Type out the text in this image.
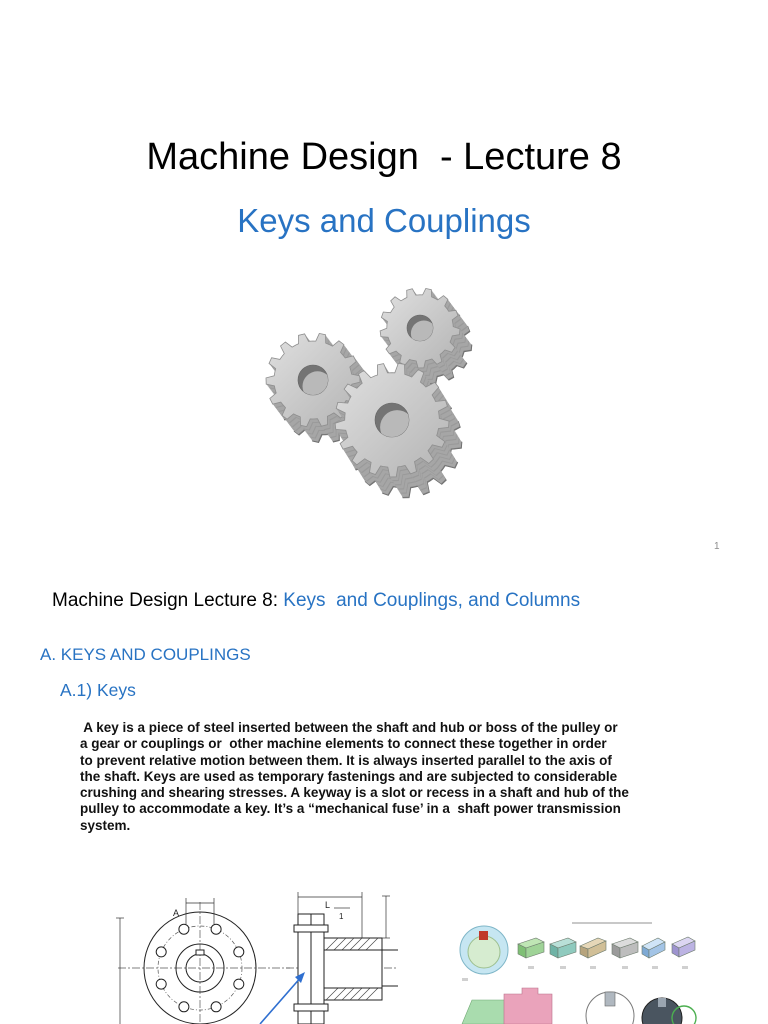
Machine Design  - Lecture 8
Keys and Couplings
1
Machine Design Lecture 8: Keys  and Couplings, and Columns
A. KEYS AND COUPLINGS
A.1) Keys
A key is a piece of steel inserted between the shaft and hub or boss of the pulley or
a gear or couplings or  other machine elements to connect these together in order
to prevent relative motion between them. It is always inserted parallel to the axis of
the shaft. Keys are used as temporary fastenings and are subjected to considerable
crushing and shearing stresses. A keyway is a slot or recess in a shaft and hub of the
pulley to accommodate a key. It’s a “mechanical fuse’ in a  shaft power transmission
system.
A
L
1
